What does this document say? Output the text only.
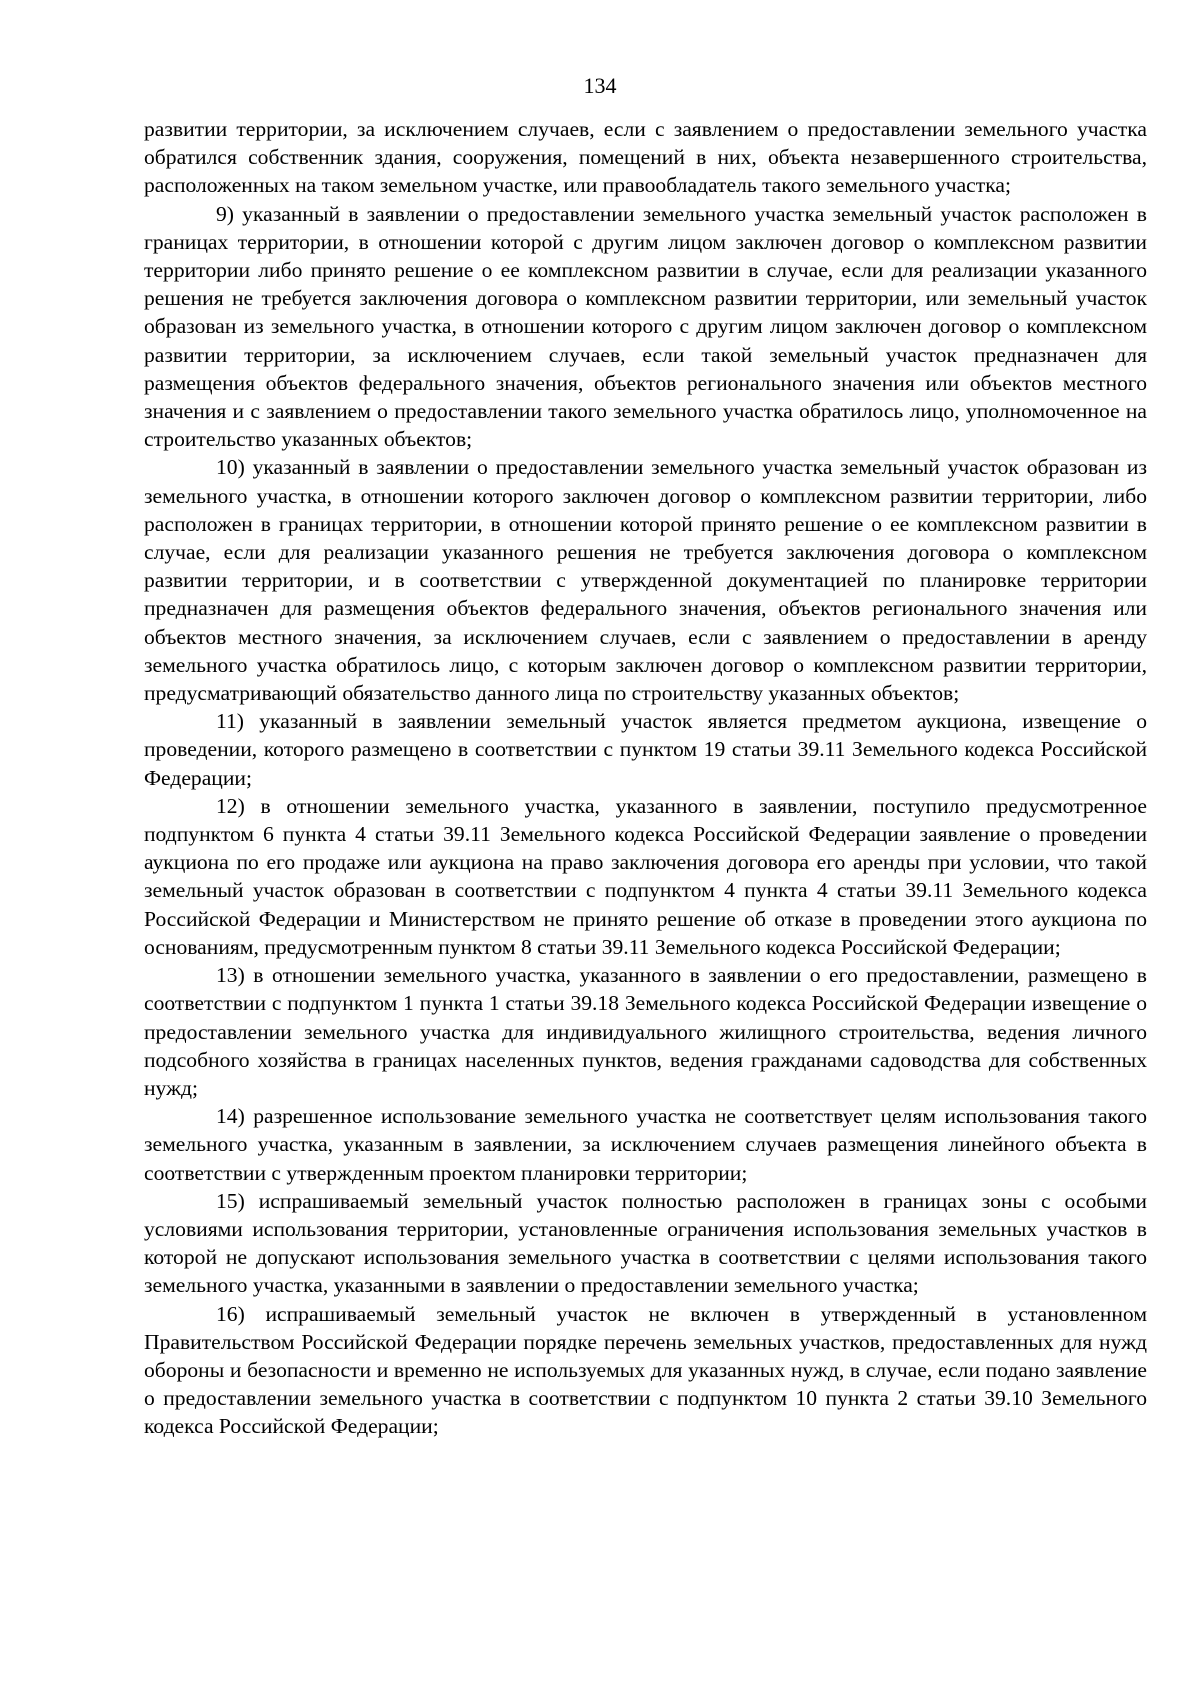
134

развитии территории, за исключением случаев, если с заявлением о предоставлении земельного участка обратился собственник здания, сооружения, помещений в них, объекта незавершенного строительства, расположенных на таком земельном участке, или правообладатель такого земельного участка;

9) указанный в заявлении о предоставлении земельного участка земельный участок расположен в границах территории, в отношении которой с другим лицом заключен договор о комплексном развитии территории либо принято решение о ее комплексном развитии в случае, если для реализации указанного решения не требуется заключения договора о комплексном развитии территории, или земельный участок образован из земельного участка, в отношении которого с другим лицом заключен договор о комплексном развитии территории, за исключением случаев, если такой земельный участок предназначен для размещения объектов федерального значения, объектов регионального значения или объектов местного значения и с заявлением о предоставлении такого земельного участка обратилось лицо, уполномоченное на строительство указанных объектов;

10) указанный в заявлении о предоставлении земельного участка земельный участок образован из земельного участка, в отношении которого заключен договор о комплексном развитии территории, либо расположен в границах территории, в отношении которой принято решение о ее комплексном развитии в случае, если для реализации указанного решения не требуется заключения договора о комплексном развитии территории, и в соответствии с утвержденной документацией по планировке территории предназначен для размещения объектов федерального значения, объектов регионального значения или объектов местного значения, за исключением случаев, если с заявлением о предоставлении в аренду земельного участка обратилось лицо, с которым заключен договор о комплексном развитии территории, предусматривающий обязательство данного лица по строительству указанных объектов;

11) указанный в заявлении земельный участок является предметом аукциона, извещение о проведении, которого размещено в соответствии с пунктом 19 статьи 39.11 Земельного кодекса Российской Федерации;

12) в отношении земельного участка, указанного в заявлении, поступило предусмотренное подпунктом 6 пункта 4 статьи 39.11 Земельного кодекса Российской Федерации заявление о проведении аукциона по его продаже или аукциона на право заключения договора его аренды при условии, что такой земельный участок образован в соответствии с подпунктом 4 пункта 4 статьи 39.11 Земельного кодекса Российской Федерации и Министерством не принято решение об отказе в проведении этого аукциона по основаниям, предусмотренным пунктом 8 статьи 39.11 Земельного кодекса Российской Федерации;

13) в отношении земельного участка, указанного в заявлении о его предоставлении, размещено в соответствии с подпунктом 1 пункта 1 статьи 39.18 Земельного кодекса Российской Федерации извещение о предоставлении земельного участка для индивидуального жилищного строительства, ведения личного подсобного хозяйства в границах населенных пунктов, ведения гражданами садоводства для собственных нужд;

14) разрешенное использование земельного участка не соответствует целям использования такого земельного участка, указанным в заявлении, за исключением случаев размещения линейного объекта в соответствии с утвержденным проектом планировки территории;

15) испрашиваемый земельный участок полностью расположен в границах зоны с особыми условиями использования территории, установленные ограничения использования земельных участков в которой не допускают использования земельного участка в соответствии с целями использования такого земельного участка, указанными в заявлении о предоставлении земельного участка;

16) испрашиваемый земельный участок не включен в утвержденный в установленном Правительством Российской Федерации порядке перечень земельных участков, предоставленных для нужд обороны и безопасности и временно не используемых для указанных нужд, в случае, если подано заявление о предоставлении земельного участка в соответствии с подпунктом 10 пункта 2 статьи 39.10 Земельного кодекса Российской Федерации;
